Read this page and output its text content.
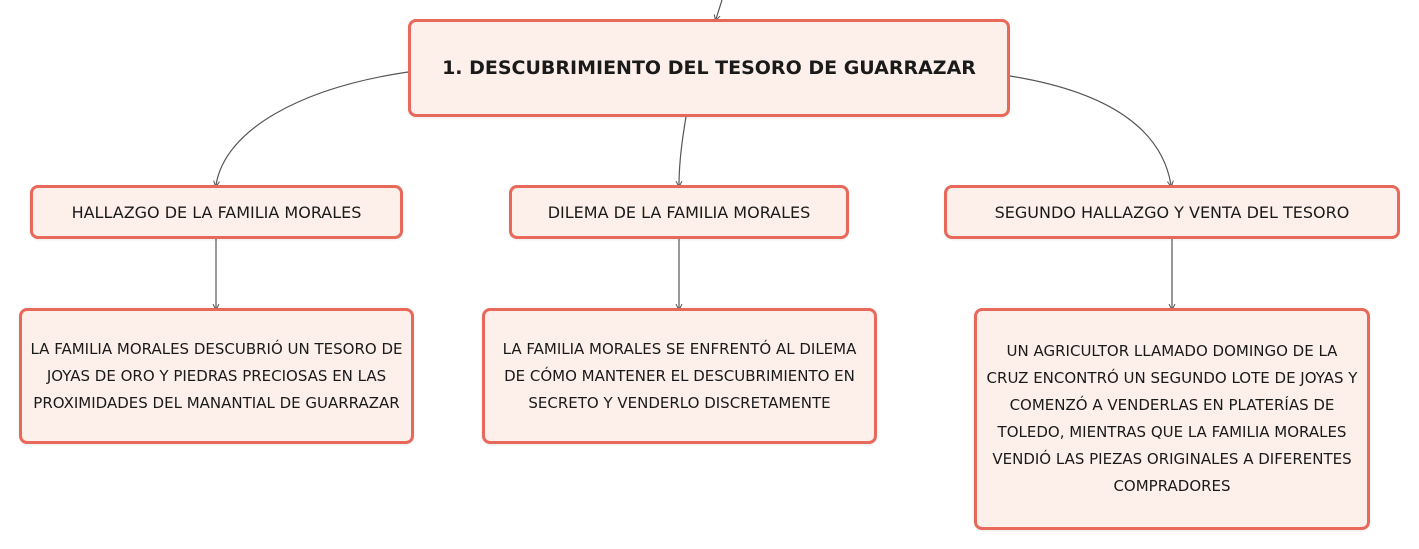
1. DESCUBRIMIENTO DEL TESORO DE GUARRAZAR
HALLAZGO DE LA FAMILIA MORALES	DILEMA DE LA FAMILIA MORALES	SEGUNDO HALLAZGO Y VENTA DEL TESORO
LA FAMILIA MORALES DESCUBRIÓ UN TESORO DE JOYAS DE ORO Y PIEDRAS PRECIOSAS EN LAS PROXIMIDADES DEL MANANTIAL DE GUARRAZAR
LA FAMILIA MORALES SE ENFRENTÓ AL DILEMA DE CÓMO MANTENER EL DESCUBRIMIENTO EN SECRETO Y VENDERLO DISCRETAMENTE
UN AGRICULTOR LLAMADO DOMINGO DE LA CRUZ ENCONTRÓ UN SEGUNDO LOTE DE JOYAS Y COMENZÓ A VENDERLAS EN PLATERÍAS DE TOLEDO, MIENTRAS QUE LA FAMILIA MORALES VENDIÓ LAS PIEZAS ORIGINALES A DIFERENTES COMPRADORES
